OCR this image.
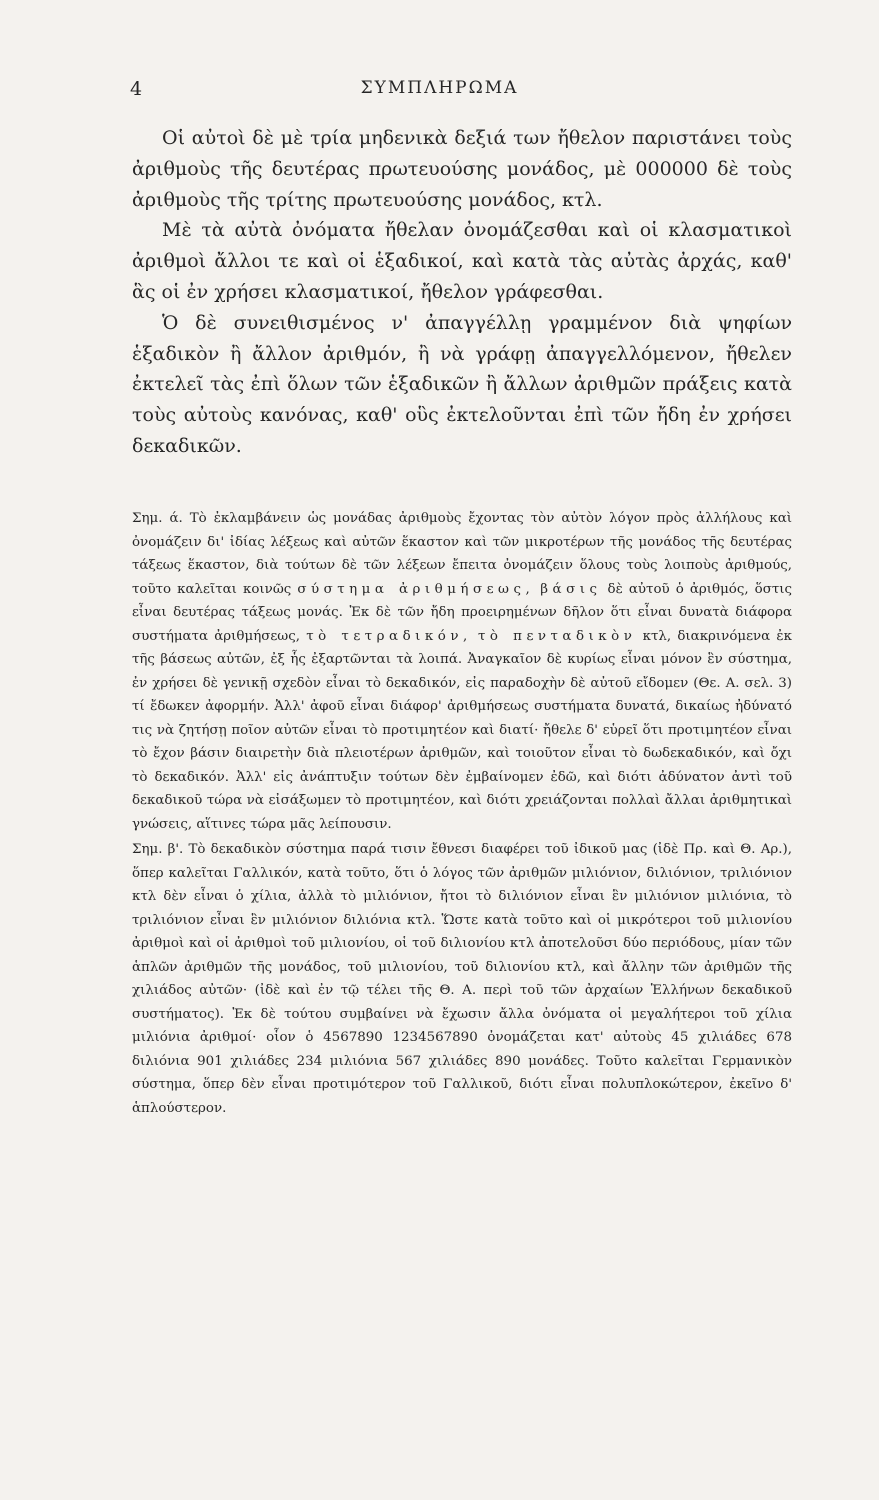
4	ΣΥΜΠΛΗΡΩΜΑ

Οἱ αὐτοὶ δὲ μὲ τρία μηδενικὰ δεξιά των ἤθελον παριστάνει τοὺς ἀριθμοὺς τῆς δευτέρας πρωτευούσης μονάδος, μὲ 000000 δὲ τοὺς ἀριθμοὺς τῆς τρίτης πρωτευούσης μονάδος, κτλ.

Μὲ τὰ αὐτὰ ὀνόματα ἤθελαν ὀνομάζεσθαι καὶ οἱ κλασματικοὶ ἀριθμοὶ ἄλλοι τε καὶ οἱ ἑξαδικοί, καὶ κατὰ τὰς αὐτὰς ἀρχάς, καθ' ἃς οἱ ἐν χρήσει κλασματικοί, ἤθελον γράφεσθαι.

Ὁ δὲ συνειθισμένος ν' ἀπαγγέλλῃ γραμμένον διὰ ψηφίων ἑξαδικὸν ἢ ἄλλον ἀριθμόν, ἢ νὰ γράφῃ ἀπαγγελλόμενον, ἤθελεν ἐκτελεῖ τὰς ἐπὶ ὅλων τῶν ἑξαδικῶν ἢ ἄλλων ἀριθμῶν πράξεις κατὰ τοὺς αὐτοὺς κανόνας, καθ' οὓς ἐκτελοῦνται ἐπὶ τῶν ἤδη ἐν χρήσει δεκαδικῶν.

Σημ. ά. Τὸ ἐκλαμβάνειν ὡς μονάδας ἀριθμοὺς ἔχοντας τὸν αὐτὸν λόγον πρὸς ἀλλήλους καὶ ὀνομάζειν δι' ἰδίας λέξεως καὶ αὐτῶν ἕκαστον καὶ τῶν μικροτέρων τῆς μονάδος τῆς δευτέρας τάξεως ἕκαστον, διὰ τούτων δὲ τῶν λέξεων ἔπειτα ὀνομάζειν ὅλους τοὺς λοιποὺς ἀριθμούς, τοῦτο καλεῖται κοινῶς σύστημα ἀριθμήσεως, βάσις δὲ αὐτοῦ ὁ ἀριθμός, ὅστις εἶναι δευτέρας τάξεως μονάς. Ἐκ δὲ τῶν ἤδη προειρημένων δῆλον ὅτι εἶναι δυνατὰ διάφορα συστήματα ἀριθμήσεως, τὸ τετραδικόν, τὸ πενταδικὸν κτλ, διακρινόμενα ἐκ τῆς βάσεως αὐτῶν, ἐξ ἧς ἐξαρτῶνται τὰ λοιπά. Ἀναγκαῖον δὲ κυρίως εἶναι μόνον ἓν σύστημα, ἐν χρήσει δὲ γενικῇ σχεδὸν εἶναι τὸ δεκαδικόν, εἰς παραδοχὴν δὲ αὐτοῦ εἴδομεν (Θε. Α. σελ. 3) τί ἔδωκεν ἀφορμήν. Ἀλλ' ἀφοῦ εἶναι διάφορ' ἀριθμήσεως συστήματα δυνατά, δικαίως ἠδύνατό τις νὰ ζητήσῃ ποῖον αὐτῶν εἶναι τὸ προτιμητέον καὶ διατί· ἤθελε δ' εὑρεῖ ὅτι προτιμητέον εἶναι τὸ ἔχον βάσιν διαιρετὴν διὰ πλειοτέρων ἀριθμῶν, καὶ τοιοῦτον εἶναι τὸ δωδεκαδικόν, καὶ ὄχι τὸ δεκαδικόν. Ἀλλ' εἰς ἀνάπτυξιν τούτων δὲν ἐμβαίνομεν ἐδῶ, καὶ διότι ἀδύνατον ἀντὶ τοῦ δεκαδικοῦ τώρα νὰ εἰσάξωμεν τὸ προτιμητέον, καὶ διότι χρειάζονται πολλαὶ ἄλλαι ἀριθμητικαὶ γνώσεις, αἵτινες τώρα μᾶς λείπουσιν.

Σημ. β'. Τὸ δεκαδικὸν σύστημα παρά τισιν ἔθνεσι διαφέρει τοῦ ἰδικοῦ μας (ἰδὲ Πρ. καὶ Θ. Αρ.), ὅπερ καλεῖται Γαλλικόν, κατὰ τοῦτο, ὅτι ὁ λόγος τῶν ἀριθμῶν μιλιόνιον, διλιόνιον, τριλιόνιον κτλ δὲν εἶναι ὁ χίλια, ἀλλὰ τὸ μιλιόνιον, ἤτοι τὸ διλιόνιον εἶναι ἓν μιλιόνιον μιλιόνια, τὸ τριλιόνιον εἶναι ἓν μιλιόνιον διλιόνια κτλ. Ὥστε κατὰ τοῦτο καὶ οἱ μικρότεροι τοῦ μιλιονίου ἀριθμοὶ καὶ οἱ ἀριθμοὶ τοῦ μιλιονίου, οἱ τοῦ διλιονίου κτλ ἀποτελοῦσι δύο περιόδους, μίαν τῶν ἁπλῶν ἀριθμῶν τῆς μονάδος, τοῦ μιλιονίου, τοῦ διλιονίου κτλ, καὶ ἄλλην τῶν ἀριθμῶν τῆς χιλιάδος αὐτῶν· (ἰδὲ καὶ ἐν τῷ τέλει τῆς Θ. Α. περὶ τοῦ τῶν ἀρχαίων Ἑλλήνων δεκαδικοῦ συστήματος). Ἐκ δὲ τούτου συμβαίνει νὰ ἔχωσιν ἄλλα ὀνόματα οἱ μεγαλήτεροι τοῦ χίλια μιλιόνια ἀριθμοί· οἷον ὁ 4567890 1234567890 ὀνομάζεται κατ' αὐτοὺς 45 χιλιάδες 678 διλιόνια 901 χιλιάδες 234 μιλιόνια 567 χιλιάδες 890 μονάδες. Τοῦτο καλεῖται Γερμανικὸν σύστημα, ὅπερ δὲν εἶναι προτιμότερον τοῦ Γαλλικοῦ, διότι εἶναι πολυπλοκώτερον, ἐκεῖνο δ' ἁπλούστερον.
